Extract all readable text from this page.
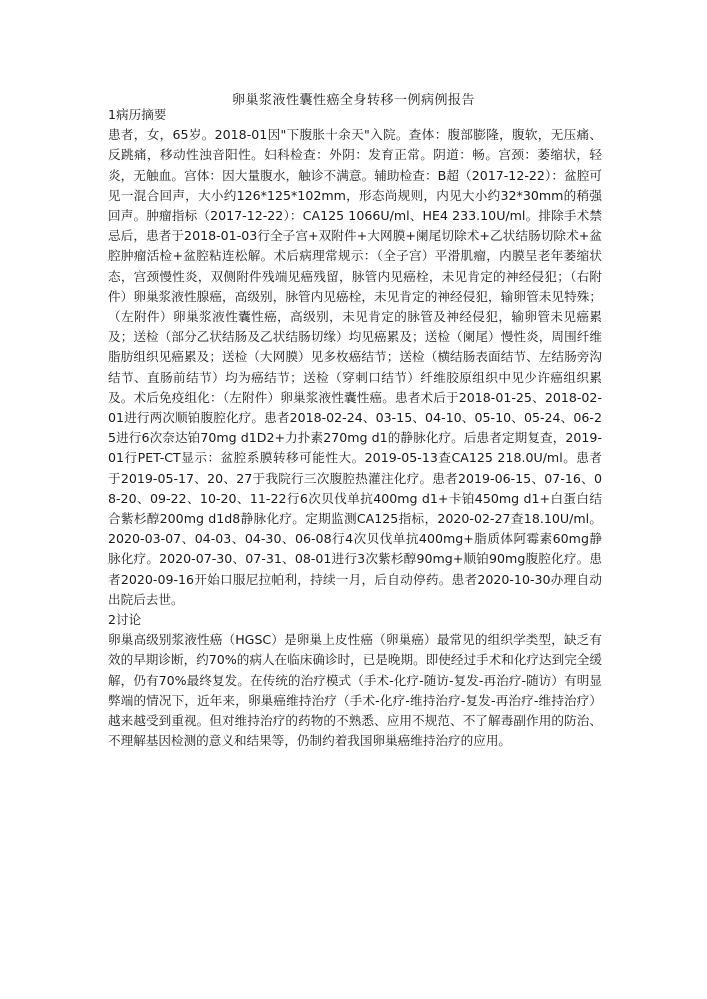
卵巢浆液性囊性癌全身转移一例病例报告
1病历摘要

患者，女，65岁。2018-01因"下腹胀十余天"入院。查体：腹部膨隆，腹软，无压痛、反跳痛，移动性浊音阳性。妇科检查：外阴：发育正常。阴道：畅。宫颈：萎缩状，轻炎，无触血。宫体：因大量腹水，触诊不满意。辅助检查：B超（2017-12-22）：盆腔可见一混合回声，大小约126*125*102mm，形态尚规则，内见大小约32*30mm的稍强回声。肿瘤指标（2017-12-22）：CA125 1066U/ml、HE4 233.10U/ml。排除手术禁忌后，患者于2018-01-03行全子宫+双附件+大网膜+阑尾切除术+乙状结肠切除术+盆腔肿瘤活检+盆腔粘连松解。术后病理常规示：（全子宫）平滑肌瘤，内膜呈老年萎缩状态，宫颈慢性炎，双侧附件残端见癌残留，脉管内见癌栓，未见肯定的神经侵犯；（右附件）卵巢浆液性腺癌，高级别，脉管内见癌栓，未见肯定的神经侵犯，输卵管未见特殊；（左附件）卵巢浆液性囊性癌，高级别，未见肯定的脉管及神经侵犯，输卵管未见癌累及；送检（部分乙状结肠及乙状结肠切缘）均见癌累及；送检（阑尾）慢性炎，周围纤维脂肪组织见癌累及；送检（大网膜）见多枚癌结节；送检（横结肠表面结节、左结肠旁沟结节、直肠前结节）均为癌结节；送检（穿刺口结节）纤维胶原组织中见少许癌组织累及。术后免疫组化：（左附件）卵巢浆液性囊性癌。患者术后于2018-01-25、2018-02-01进行两次顺铂腹腔化疗。患者2018-02-24、03-15、04-10、05-10、05-24、06-25进行6次奈达铂70mg d1D2+力扑素270mg d1的静脉化疗。后患者定期复查，2019-01行PET-CT显示：盆腔系膜转移可能性大。2019-05-13查CA125 218.0U/ml。患者于2019-05-17、20、27于我院行三次腹腔热灌注化疗。患者2019-06-15、07-16、08-20、09-22、10-20、11-22行6次贝伐单抗400mg d1+卡铂450mg d1+白蛋白结合紫杉醇200mg d1d8静脉化疗。定期监测CA125指标，2020-02-27查18.10U/ml。2020-03-07、04-03、04-30、06-08行4次贝伐单抗400mg+脂质体阿霉素60mg静脉化疗。2020-07-30、07-31、08-01进行3次紫杉醇90mg+顺铂90mg腹腔化疗。患者2020-09-16开始口服尼拉帕利，持续一月，后自动停药。患者2020-10-30办理自动出院后去世。

2讨论

卵巢高级别浆液性癌（HGSC）是卵巢上皮性癌（卵巢癌）最常见的组织学类型，缺乏有效的早期诊断，约70%的病人在临床确诊时，已是晚期。即使经过手术和化疗达到完全缓解，仍有70%最终复发。在传统的治疗模式（手术-化疗-随访-复发-再治疗-随访）有明显弊端的情况下，近年来，卵巢癌维持治疗（手术-化疗-维持治疗-复发-再治疗-维持治疗）越来越受到重视。但对维持治疗的药物的不熟悉、应用不规范、不了解毒副作用的防治、不理解基因检测的意义和结果等，仍制约着我国卵巢癌维持治疗的应用。
